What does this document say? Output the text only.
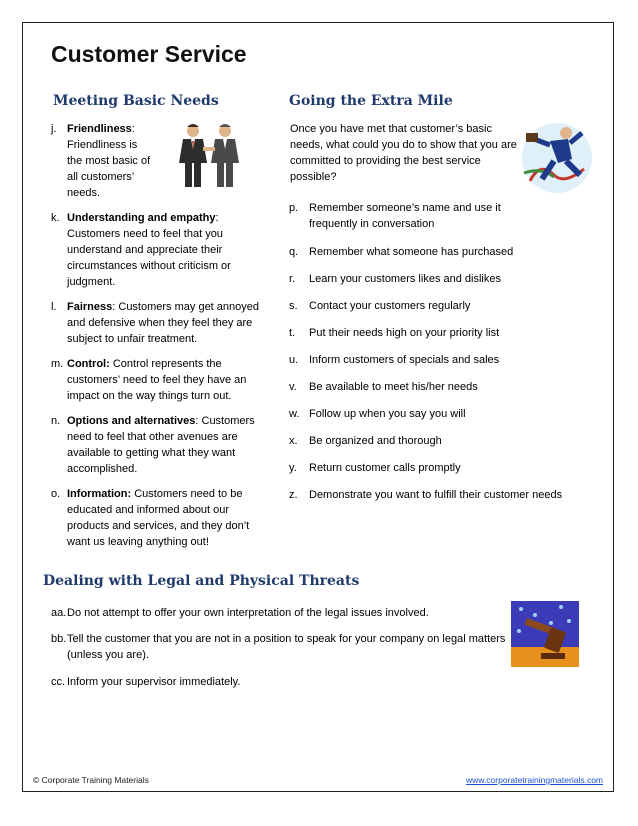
Customer Service
Meeting Basic Needs
j. Friendliness: Friendliness is the most basic of all customers’ needs.
k. Understanding and empathy: Customers need to feel that you understand and appreciate their circumstances without criticism or judgment.
l. Fairness: Customers may get annoyed and defensive when they feel they are subject to unfair treatment.
m. Control: Control represents the customers’ need to feel they have an impact on the way things turn out.
n. Options and alternatives: Customers need to feel that other avenues are available to getting what they want accomplished.
o. Information: Customers need to be educated and informed about our products and services, and they don’t want us leaving anything out!
Going the Extra Mile
Once you have met that customer’s basic needs, what could you do to show that you are committed to providing the best service possible?
p. Remember someone’s name and use it frequently in conversation
q. Remember what someone has purchased
r. Learn your customers likes and dislikes
s. Contact your customers regularly
t. Put their needs high on your priority list
u. Inform customers of specials and sales
v. Be available to meet his/her needs
w. Follow up when you say you will
x. Be organized and thorough
y. Return customer calls promptly
z. Demonstrate you want to fulfill their customer needs
Dealing with Legal and Physical Threats
aa. Do not attempt to offer your own interpretation of the legal issues involved.
bb. Tell the customer that you are not in a position to speak for your company on legal matters (unless you are).
cc. Inform your supervisor immediately.
© Corporate Training Materials	www.corporatetrainingmaterials.com
